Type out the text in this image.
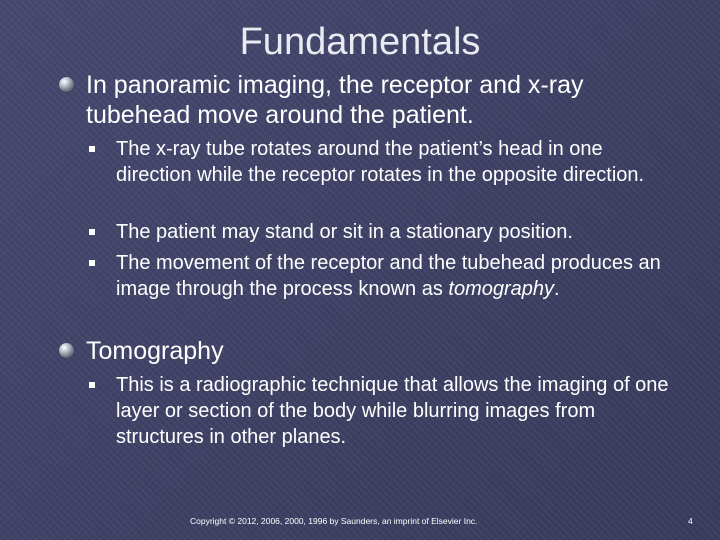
Fundamentals
In panoramic imaging, the receptor and x-ray tubehead move around the patient.
The x-ray tube rotates around the patient’s head in one direction while the receptor rotates in the opposite direction.
The patient may stand or sit in a stationary position.
The movement of the receptor and the tubehead produces an image through the process known as tomography.
Tomography
This is a radiographic technique that allows the imaging of one layer or section of the body while blurring images from structures in other planes.
Copyright © 2012, 2006, 2000, 1996 by Saunders, an imprint of Elsevier Inc.	4
